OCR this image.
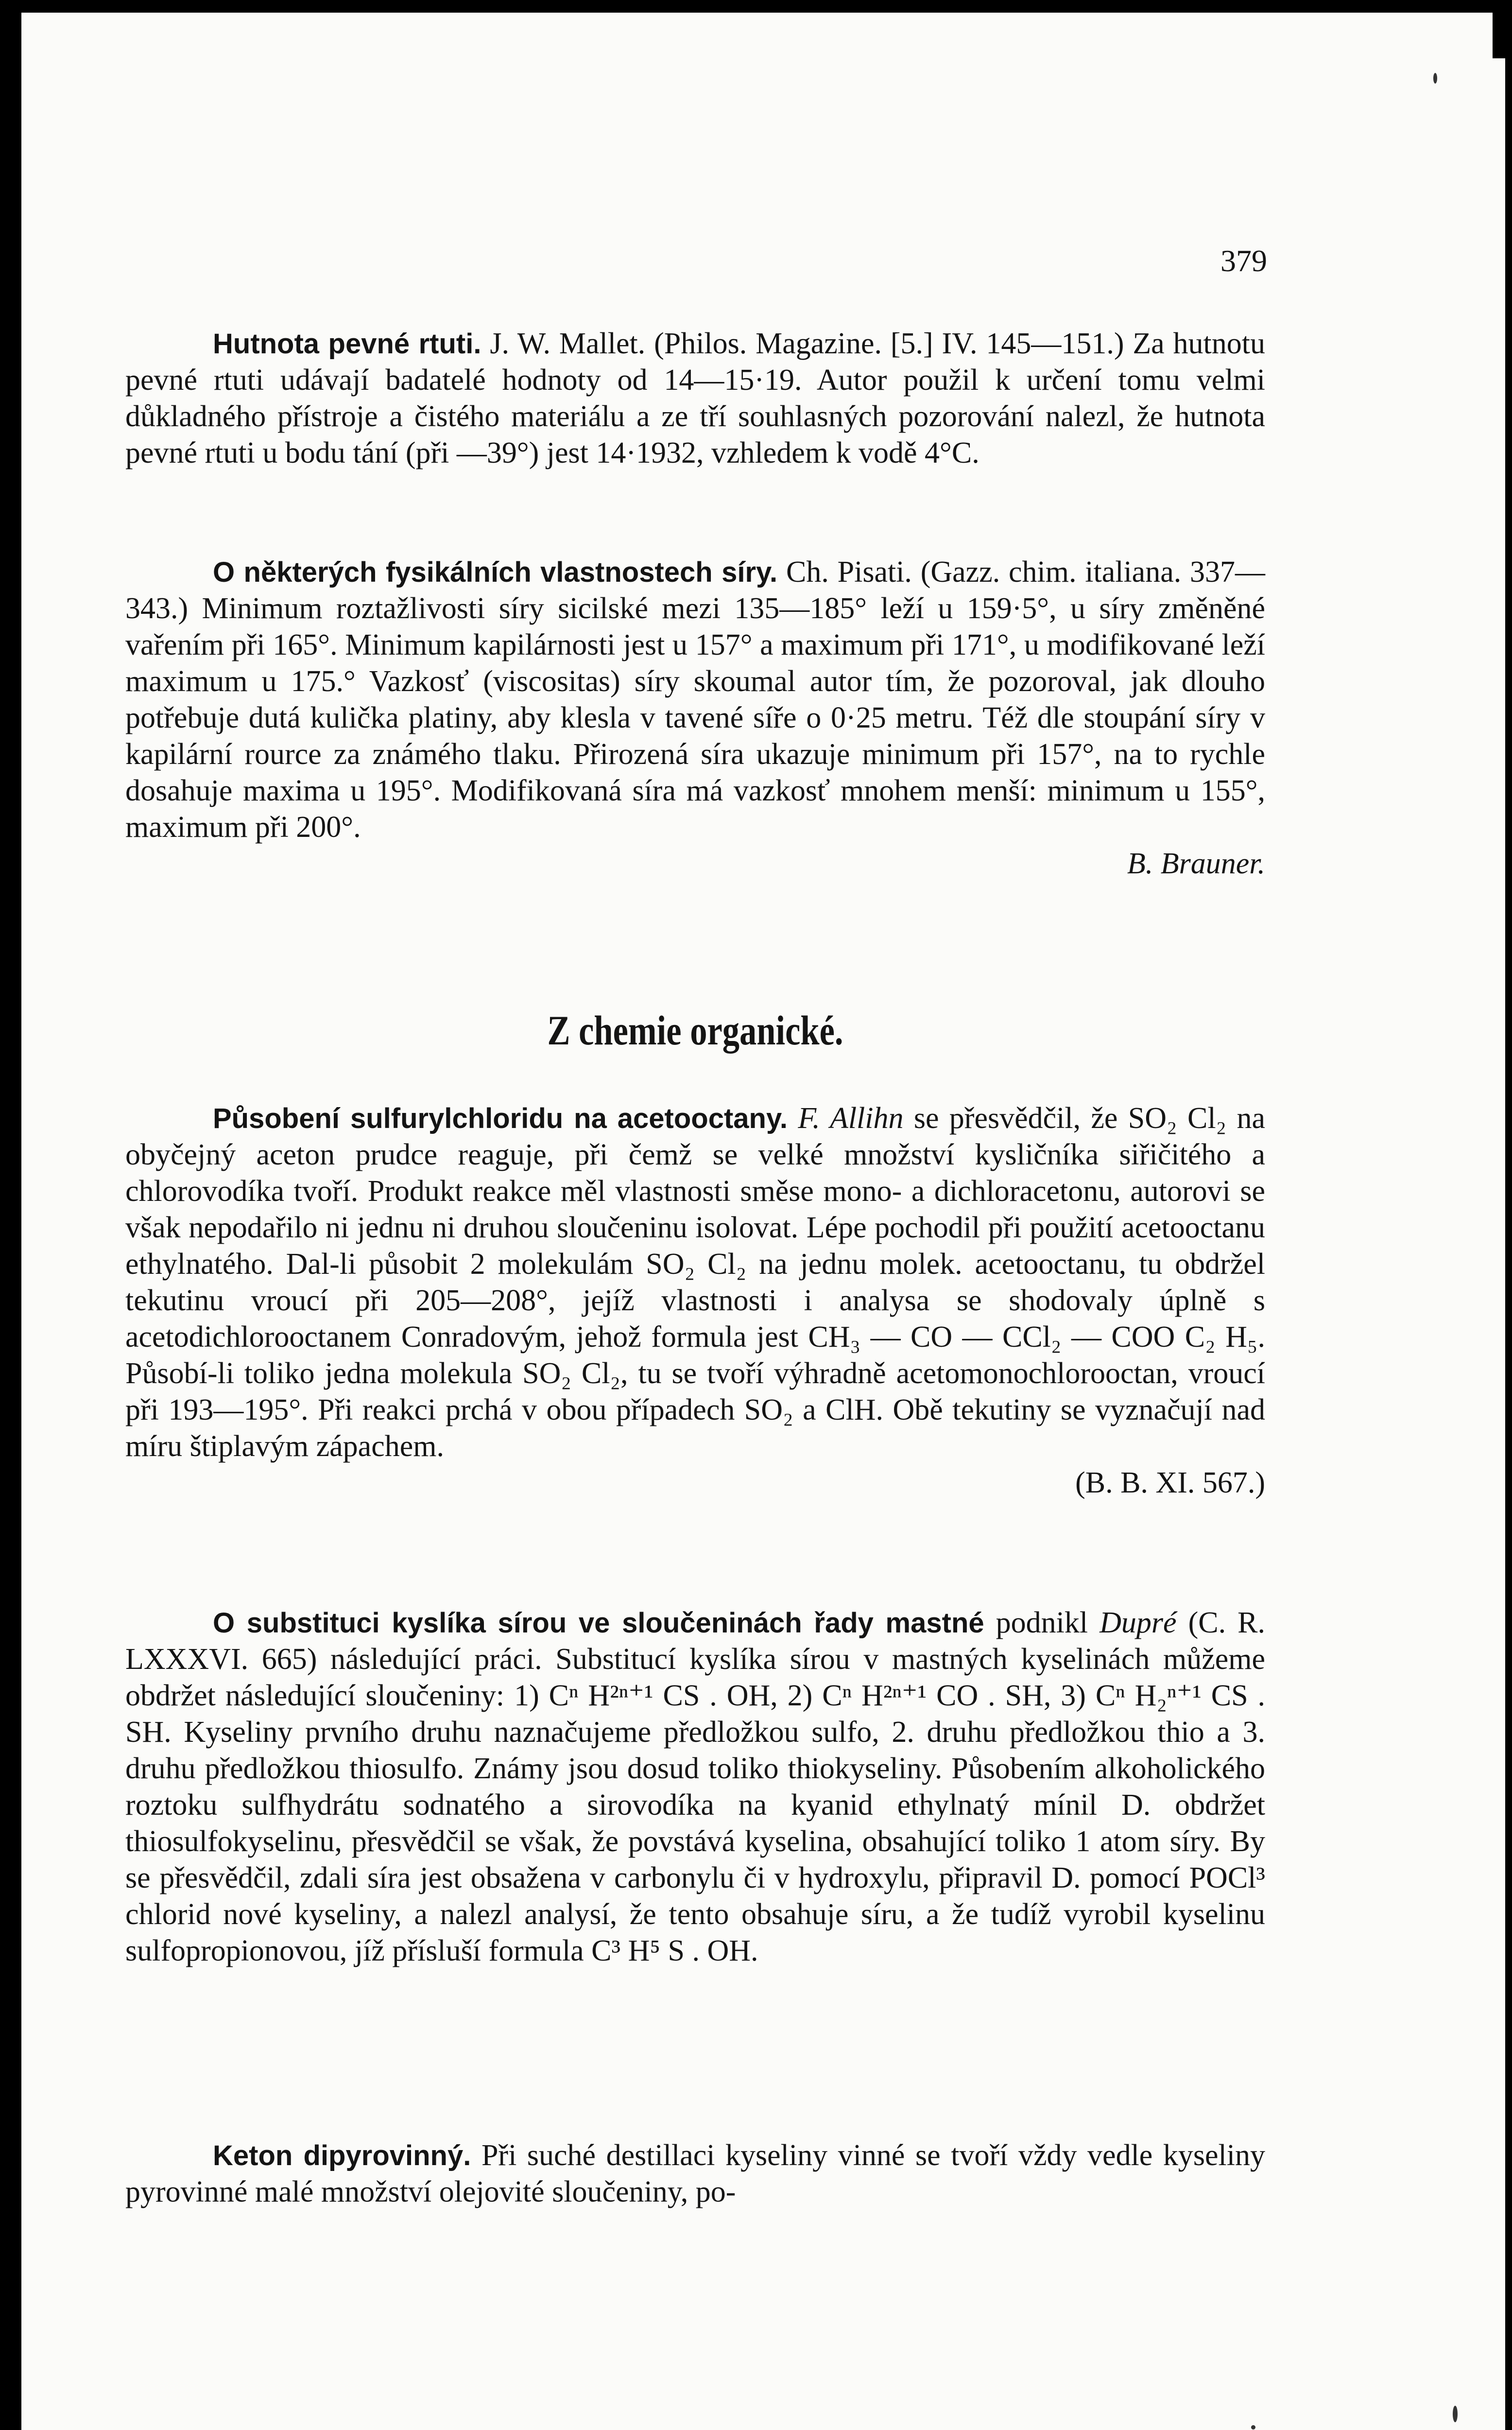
379

Hutnota pevné rtuti. J. W. Mallet. (Philos. Magazine. [5.] IV. 145—151.) Za hutnotu pevné rtuti udávají badatelé hodnoty od 14—15·19. Autor použil k určení tomu velmi důkladného přístroje a čistého materiálu a ze tří souhlasných pozorování nalezl, že hutnota pevné rtuti u bodu tání (při —39°) jest 14·1932, vzhledem k vodě 4°C.

O některých fysikálních vlastnostech síry. Ch. Pisati. (Gazz. chim. italiana. 337—343.) Minimum roztažlivosti síry sicilské mezi 135—185° leží u 159·5°, u síry změněné vařením při 165°. Minimum kapilárnosti jest u 157° a maximum při 171°, u modifikované leží maximum u 175.° Vazkosť (viscositas) síry skoumal autor tím, že pozoroval, jak dlouho potřebuje dutá kulička platiny, aby klesla v tavené síře o 0·25 metru. Též dle stoupání síry v kapilární rource za známého tlaku. Přirozená síra ukazuje minimum při 157°, na to rychle dosahuje maxima u 195°. Modifikovaná síra má vazkosť mnohem menší: minimum u 155°, maximum při 200°.
B. Brauner.

Z chemie organické.

Působení sulfurylchloridu na acetooctany. F. Allihn se přesvědčil, že SO₂ Cl₂ na obyčejný aceton prudce reaguje, při čemž se velké množství kysličníka siřičitého a chlorovodíka tvoří. Produkt reakce měl vlastnosti směse mono- a dichloracetonu, autorovi se však nepodařilo ni jednu ni druhou sloučeninu isolovat. Lépe pochodil při použití acetooctanu ethylnatého. Dal-li působit 2 molekulám SO₂ Cl₂ na jednu molek. acetooctanu, tu obdržel tekutinu vroucí při 205—208°, jejíž vlastnosti i analysa se shodovaly úplně s acetodichlorooctanem Conradovým, jehož formula jest CH₃ — CO — CCl₂ — COO C₂ H₅. Působí-li toliko jedna molekula SO₂ Cl₂, tu se tvoří výhradně acetomonochlorooctan, vroucí při 193—195°. Při reakci prchá v obou případech SO₂ a ClH. Obě tekutiny se vyznačují nad míru štiplavým zápachem.
(B. B. XI. 567.)

O substituci kyslíka sírou ve sloučeninách řady mastné podnikl Dupré (C. R. LXXXVI. 665) následující práci. Substitucí kyslíka sírou v mastných kyselinách můžeme obdržet následující sloučeniny: 1) Cⁿ H²ⁿ⁺¹ CS . OH, 2) Cⁿ H²ⁿ⁺¹ CO . SH, 3) Cⁿ H₂ⁿ⁺¹ CS . SH. Kyseliny prvního druhu naznačujeme předložkou sulfo, 2. druhu předložkou thio a 3. druhu předložkou thiosulfo. Známy jsou dosud toliko thiokyseliny. Působením alkoholického roztoku sulfhydrátu sodnatého a sirovodíka na kyanid ethylnatý mínil D. obdržet thiosulfokyselinu, přesvědčil se však, že povstává kyselina, obsahující toliko 1 atom síry. By se přesvědčil, zdali síra jest obsažena v carbonylu či v hydroxylu, připravil D. pomocí POCl³ chlorid nové kyseliny, a nalezl analysí, že tento obsahuje síru, a že tudíž vyrobil kyselinu sulfopropionovou, jíž přísluší formula C³ H⁵ S . OH.

Keton dipyrovinný. Při suché destillaci kyseliny vinné se tvoří vždy vedle kyseliny pyrovinné malé množství olejovité sloučeniny, po-
